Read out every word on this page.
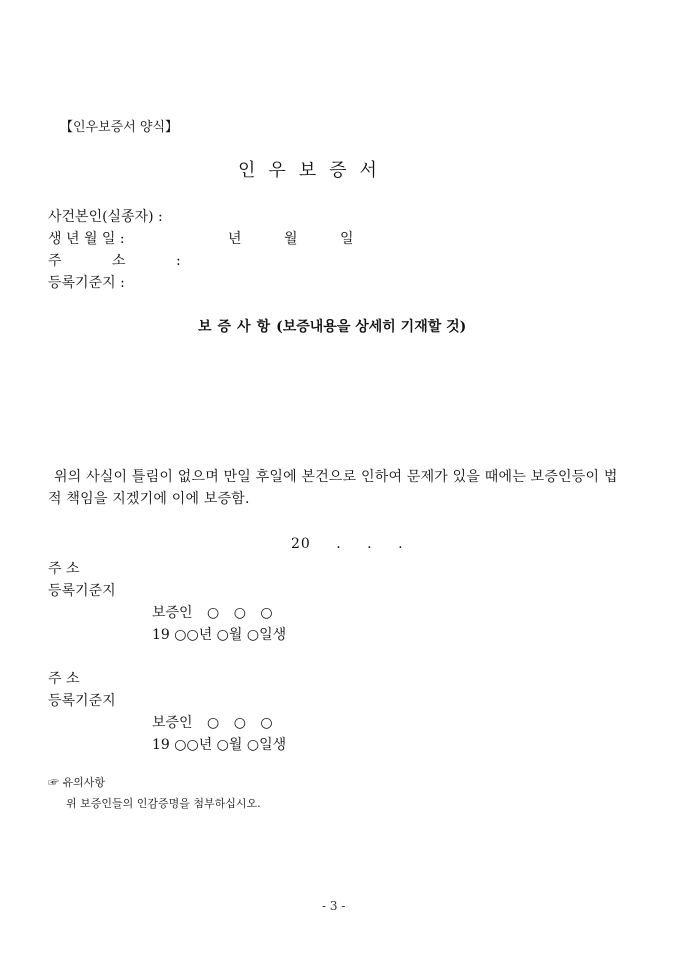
【인우보증서 양식】
인우보증서
사건본인(실종자) :
생 년 월 일 :	년 월 일
주 소 :
등록기준지 :
보증사항(보증내용을 상세히 기재할 것)
위의 사실이 틀림이 없으며 만일 후일에 본건으로 인하여 문제가 있을 때에는 보증인등이 법적 책임을 지겠기에 이에 보증함.
20 . . .
주 소
등록기준지
보증인 ○ ○ ○
19 ○○년 ○월 ○일생
주 소
등록기준지
보증인 ○ ○ ○
19 ○○년 ○월 ○일생
☞ 유의사항
위 보증인들의 인감증명을 첨부하십시오.
- 3 -
